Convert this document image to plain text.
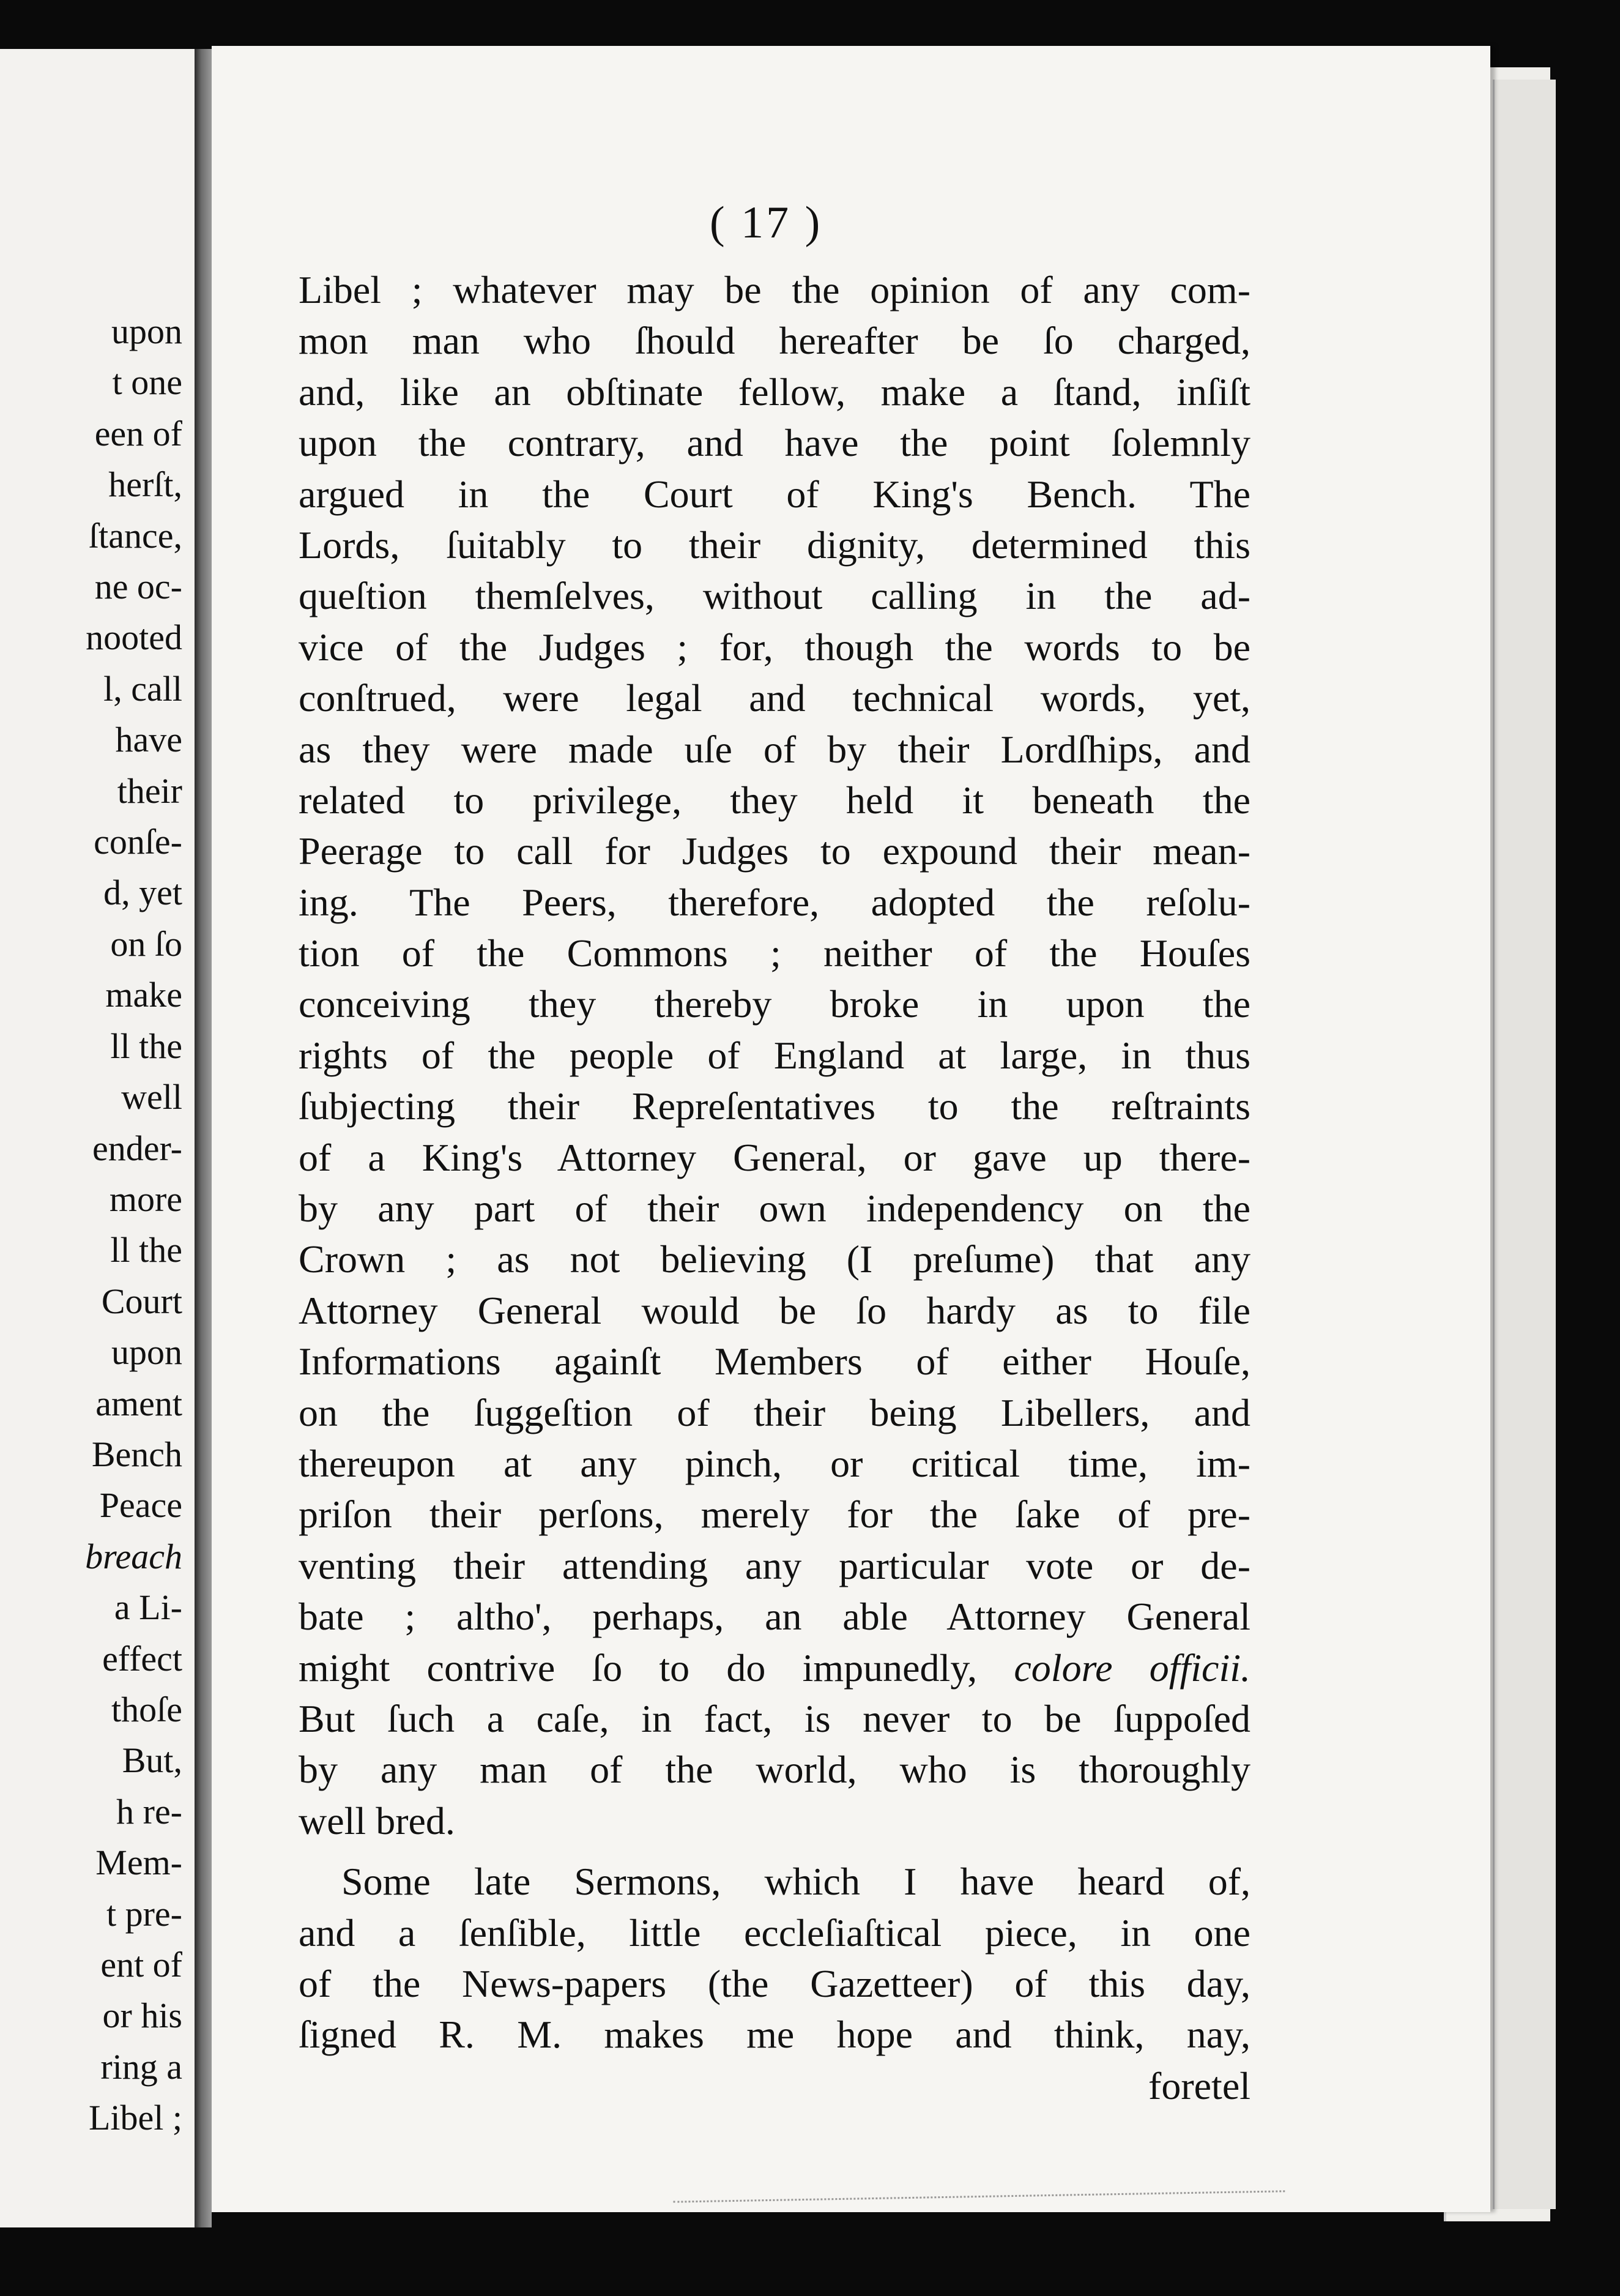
upon
t one
een of
herſt,
ſtance,
ne oc-
nooted
l, call
have
their
conſe-
d, yet
on ſo
make
ll the
well
ender-
more
ll the
Court
upon
ament
Bench
Peace
breach
a Li-
effect
thoſe
But,
h re-
Mem-
t pre-
ent of
or his
ring a
Libel ;
( 17 )
Libel ; whatever may be the opinion of any com-
mon man who ſhould hereafter be ſo charged,
and, like an obſtinate fellow, make a ſtand, inſiſt
upon the contrary, and have the point ſolemnly
argued in the Court of King's Bench. The
Lords, ſuitably to their dignity, determined this
queſtion themſelves, without calling in the ad-
vice of the Judges ; for, though the words to be
conſtrued, were legal and technical words, yet,
as they were made uſe of by their Lordſhips, and
related to privilege, they held it beneath the
Peerage to call for Judges to expound their mean-
ing. The Peers, therefore, adopted the reſolu-
tion of the Commons ; neither of the Houſes
conceiving they thereby broke in upon the
rights of the people of England at large, in thus
ſubjecting their Repreſentatives to the reſtraints
of a King's Attorney General, or gave up there-
by any part of their own independency on the
Crown ; as not believing (I preſume) that any
Attorney General would be ſo hardy as to file
Informations againſt Members of either Houſe,
on the ſuggeſtion of their being Libellers, and
thereupon at any pinch, or critical time, im-
priſon their perſons, merely for the ſake of pre-
venting their attending any particular vote or de-
bate ; altho', perhaps, an able Attorney General
might contrive ſo to do impunedly, colore officii.
But ſuch a caſe, in fact, is never to be ſuppoſed
by any man of the world, who is thoroughly
well bred.
Some late Sermons, which I have heard of,
and a ſenſible, little eccleſiaſtical piece, in one
of the News-papers (the Gazetteer) of this day,
ſigned R. M. makes me hope and think, nay,
foretel
